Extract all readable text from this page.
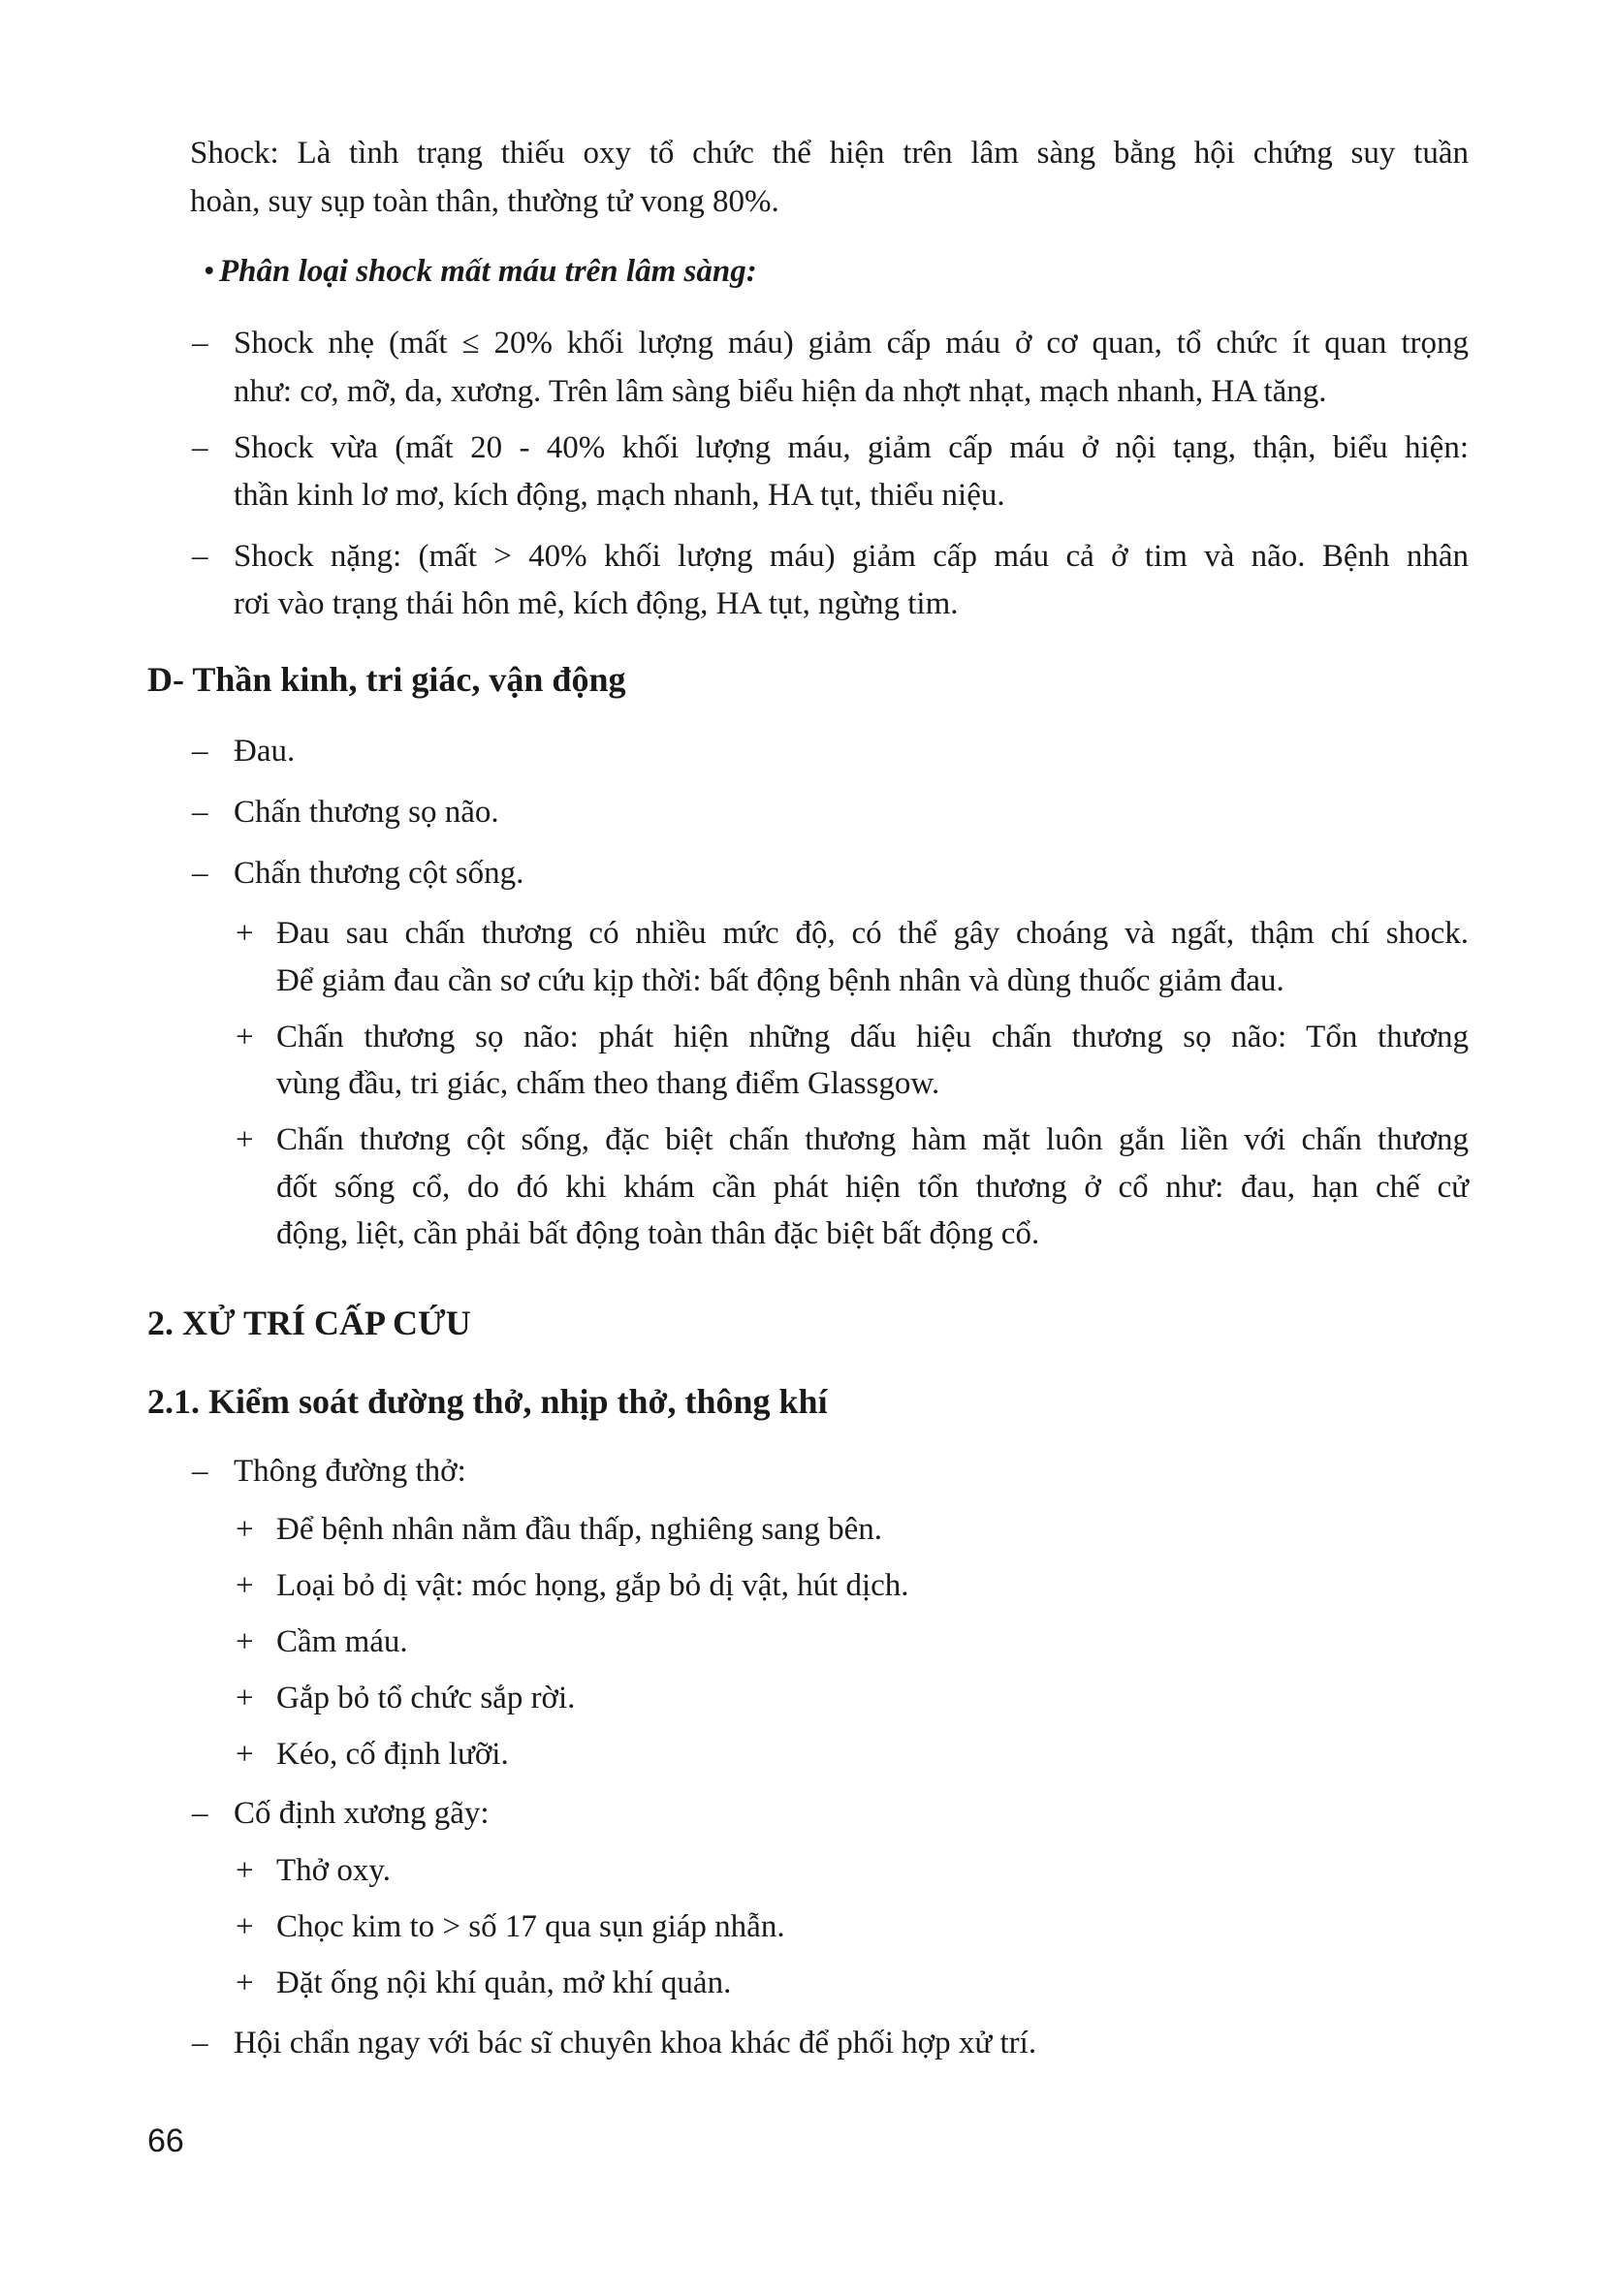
Shock: Là tình trạng thiếu oxy tổ chức thể hiện trên lâm sàng bằng hội chứng suy tuần
hoàn, suy sụp toàn thân, thường tử vong 80%.
• Phân loại shock mất máu trên lâm sàng:
– Shock nhẹ (mất ≤ 20% khối lượng máu) giảm cấp máu ở cơ quan, tổ chức ít quan trọng
như: cơ, mỡ, da, xương. Trên lâm sàng biểu hiện da nhợt nhạt, mạch nhanh, HA tăng.
– Shock vừa (mất 20 - 40% khối lượng máu, giảm cấp máu ở nội tạng, thận, biểu hiện:
thần kinh lơ mơ, kích động, mạch nhanh, HA tụt, thiểu niệu.
– Shock nặng: (mất > 40% khối lượng máu) giảm cấp máu cả ở tim và não. Bệnh nhân
rơi vào trạng thái hôn mê, kích động, HA tụt, ngừng tim.
D- Thần kinh, tri giác, vận động
– Đau.
– Chấn thương sọ não.
– Chấn thương cột sống.
+ Đau sau chấn thương có nhiều mức độ, có thể gây choáng và ngất, thậm chí shock.
Để giảm đau cần sơ cứu kịp thời: bất động bệnh nhân và dùng thuốc giảm đau.
+ Chấn thương sọ não: phát hiện những dấu hiệu chấn thương sọ não: Tổn thương
vùng đầu, tri giác, chấm theo thang điểm Glassgow.
+ Chấn thương cột sống, đặc biệt chấn thương hàm mặt luôn gắn liền với chấn thương
đốt sống cổ, do đó khi khám cần phát hiện tổn thương ở cổ như: đau, hạn chế cử
động, liệt, cần phải bất động toàn thân đặc biệt bất động cổ.
2. XỬ TRÍ CẤP CỨU
2.1. Kiểm soát đường thở, nhịp thở, thông khí
– Thông đường thở:
+ Để bệnh nhân nằm đầu thấp, nghiêng sang bên.
+ Loại bỏ dị vật: móc họng, gắp bỏ dị vật, hút dịch.
+ Cầm máu.
+ Gắp bỏ tổ chức sắp rời.
+ Kéo, cố định lưỡi.
– Cố định xương gãy:
+ Thở oxy.
+ Chọc kim to > số 17 qua sụn giáp nhẫn.
+ Đặt ống nội khí quản, mở khí quản.
– Hội chẩn ngay với bác sĩ chuyên khoa khác để phối hợp xử trí.
66
